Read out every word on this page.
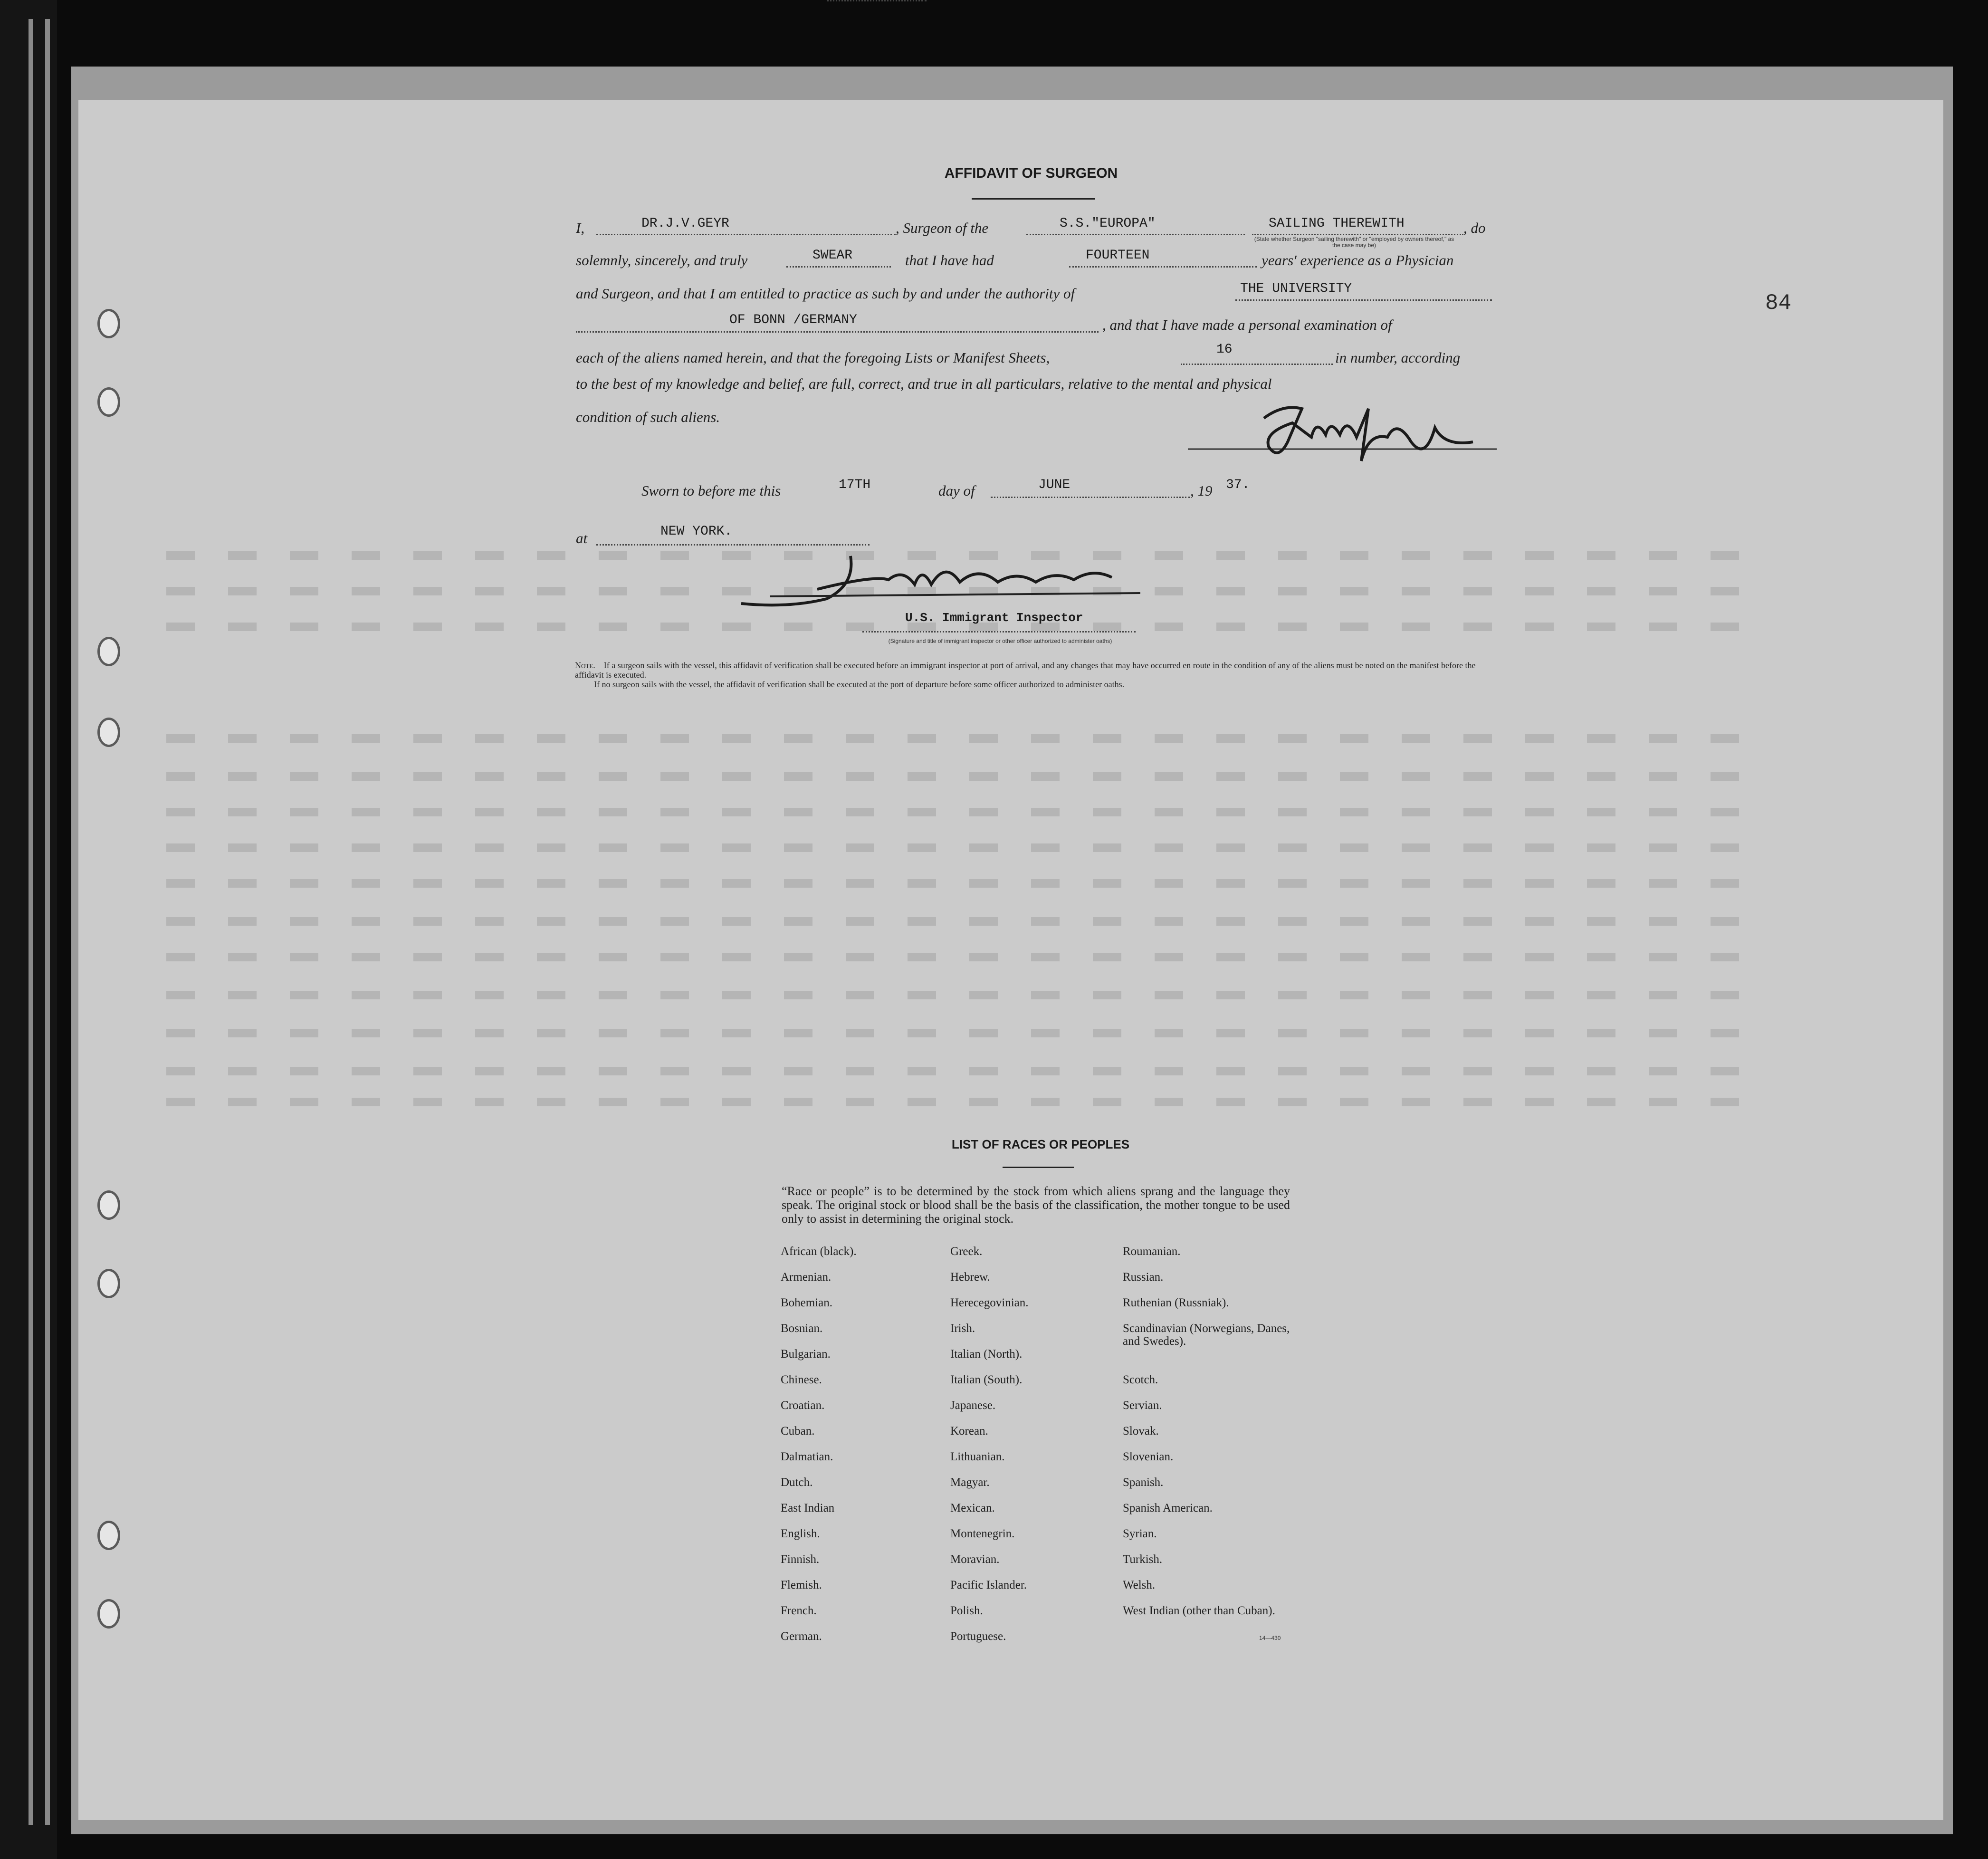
84
AFFIDAVIT OF SURGEON
I,	DR.J.V.GEYR	, Surgeon of the	S.S."EUROPA"	SAILING THEREWITH	, do
(State whether Surgeon "sailing therewith" or "employed by owners thereof," as the case may be)
solemnly, sincerely, and truly	SWEAR	that I have had	FOURTEEN	years' experience as a Physician
and Surgeon, and that I am entitled to practice as such by and under the authority of	THE UNIVERSITY
OF BONN /GERMANY	, and that I have made a personal examination of
each of the aliens named herein, and that the foregoing Lists or Manifest Sheets,	16	in number, according
to the best of my knowledge and belief, are full, correct, and true in all particulars, relative to the mental and physical
condition of such aliens.
Sworn to before me this	17TH	day of	JUNE	, 19 37.
at	NEW YORK.
U.S. Immigrant Inspector
(Signature and title of immigrant inspector or other officer authorized to administer oaths)
Note.—If a surgeon sails with the vessel, this affidavit of verification shall be executed before an immigrant inspector at port of arrival, and any changes that may have occurred en route in the condition of any of the aliens must be noted on the manifest before the affidavit is executed.
If no surgeon sails with the vessel, the affidavit of verification shall be executed at the port of departure before some officer authorized to administer oaths.
LIST OF RACES OR PEOPLES
“Race or people” is to be determined by the stock from which aliens sprang and the language they speak. The original stock or blood shall be the basis of the classification, the mother tongue to be used only to assist in determining the original stock.
African (black).
Armenian.
Bohemian.
Bosnian.
Bulgarian.
Chinese.
Croatian.
Cuban.
Dalmatian.
Dutch.
East Indian
English.
Finnish.
Flemish.
French.
German.
Greek.
Hebrew.
Herecegovinian.
Irish.
Italian (North).
Italian (South).
Japanese.
Korean.
Lithuanian.
Magyar.
Mexican.
Montenegrin.
Moravian.
Pacific Islander.
Polish.
Portuguese.
Roumanian.
Russian.
Ruthenian (Russniak).
Scandinavian (Norwegians, Danes, and Swedes).
Scotch.
Servian.
Slovak.
Slovenian.
Spanish.
Spanish American.
Syrian.
Turkish.
Welsh.
West Indian (other than Cuban).
14—430
